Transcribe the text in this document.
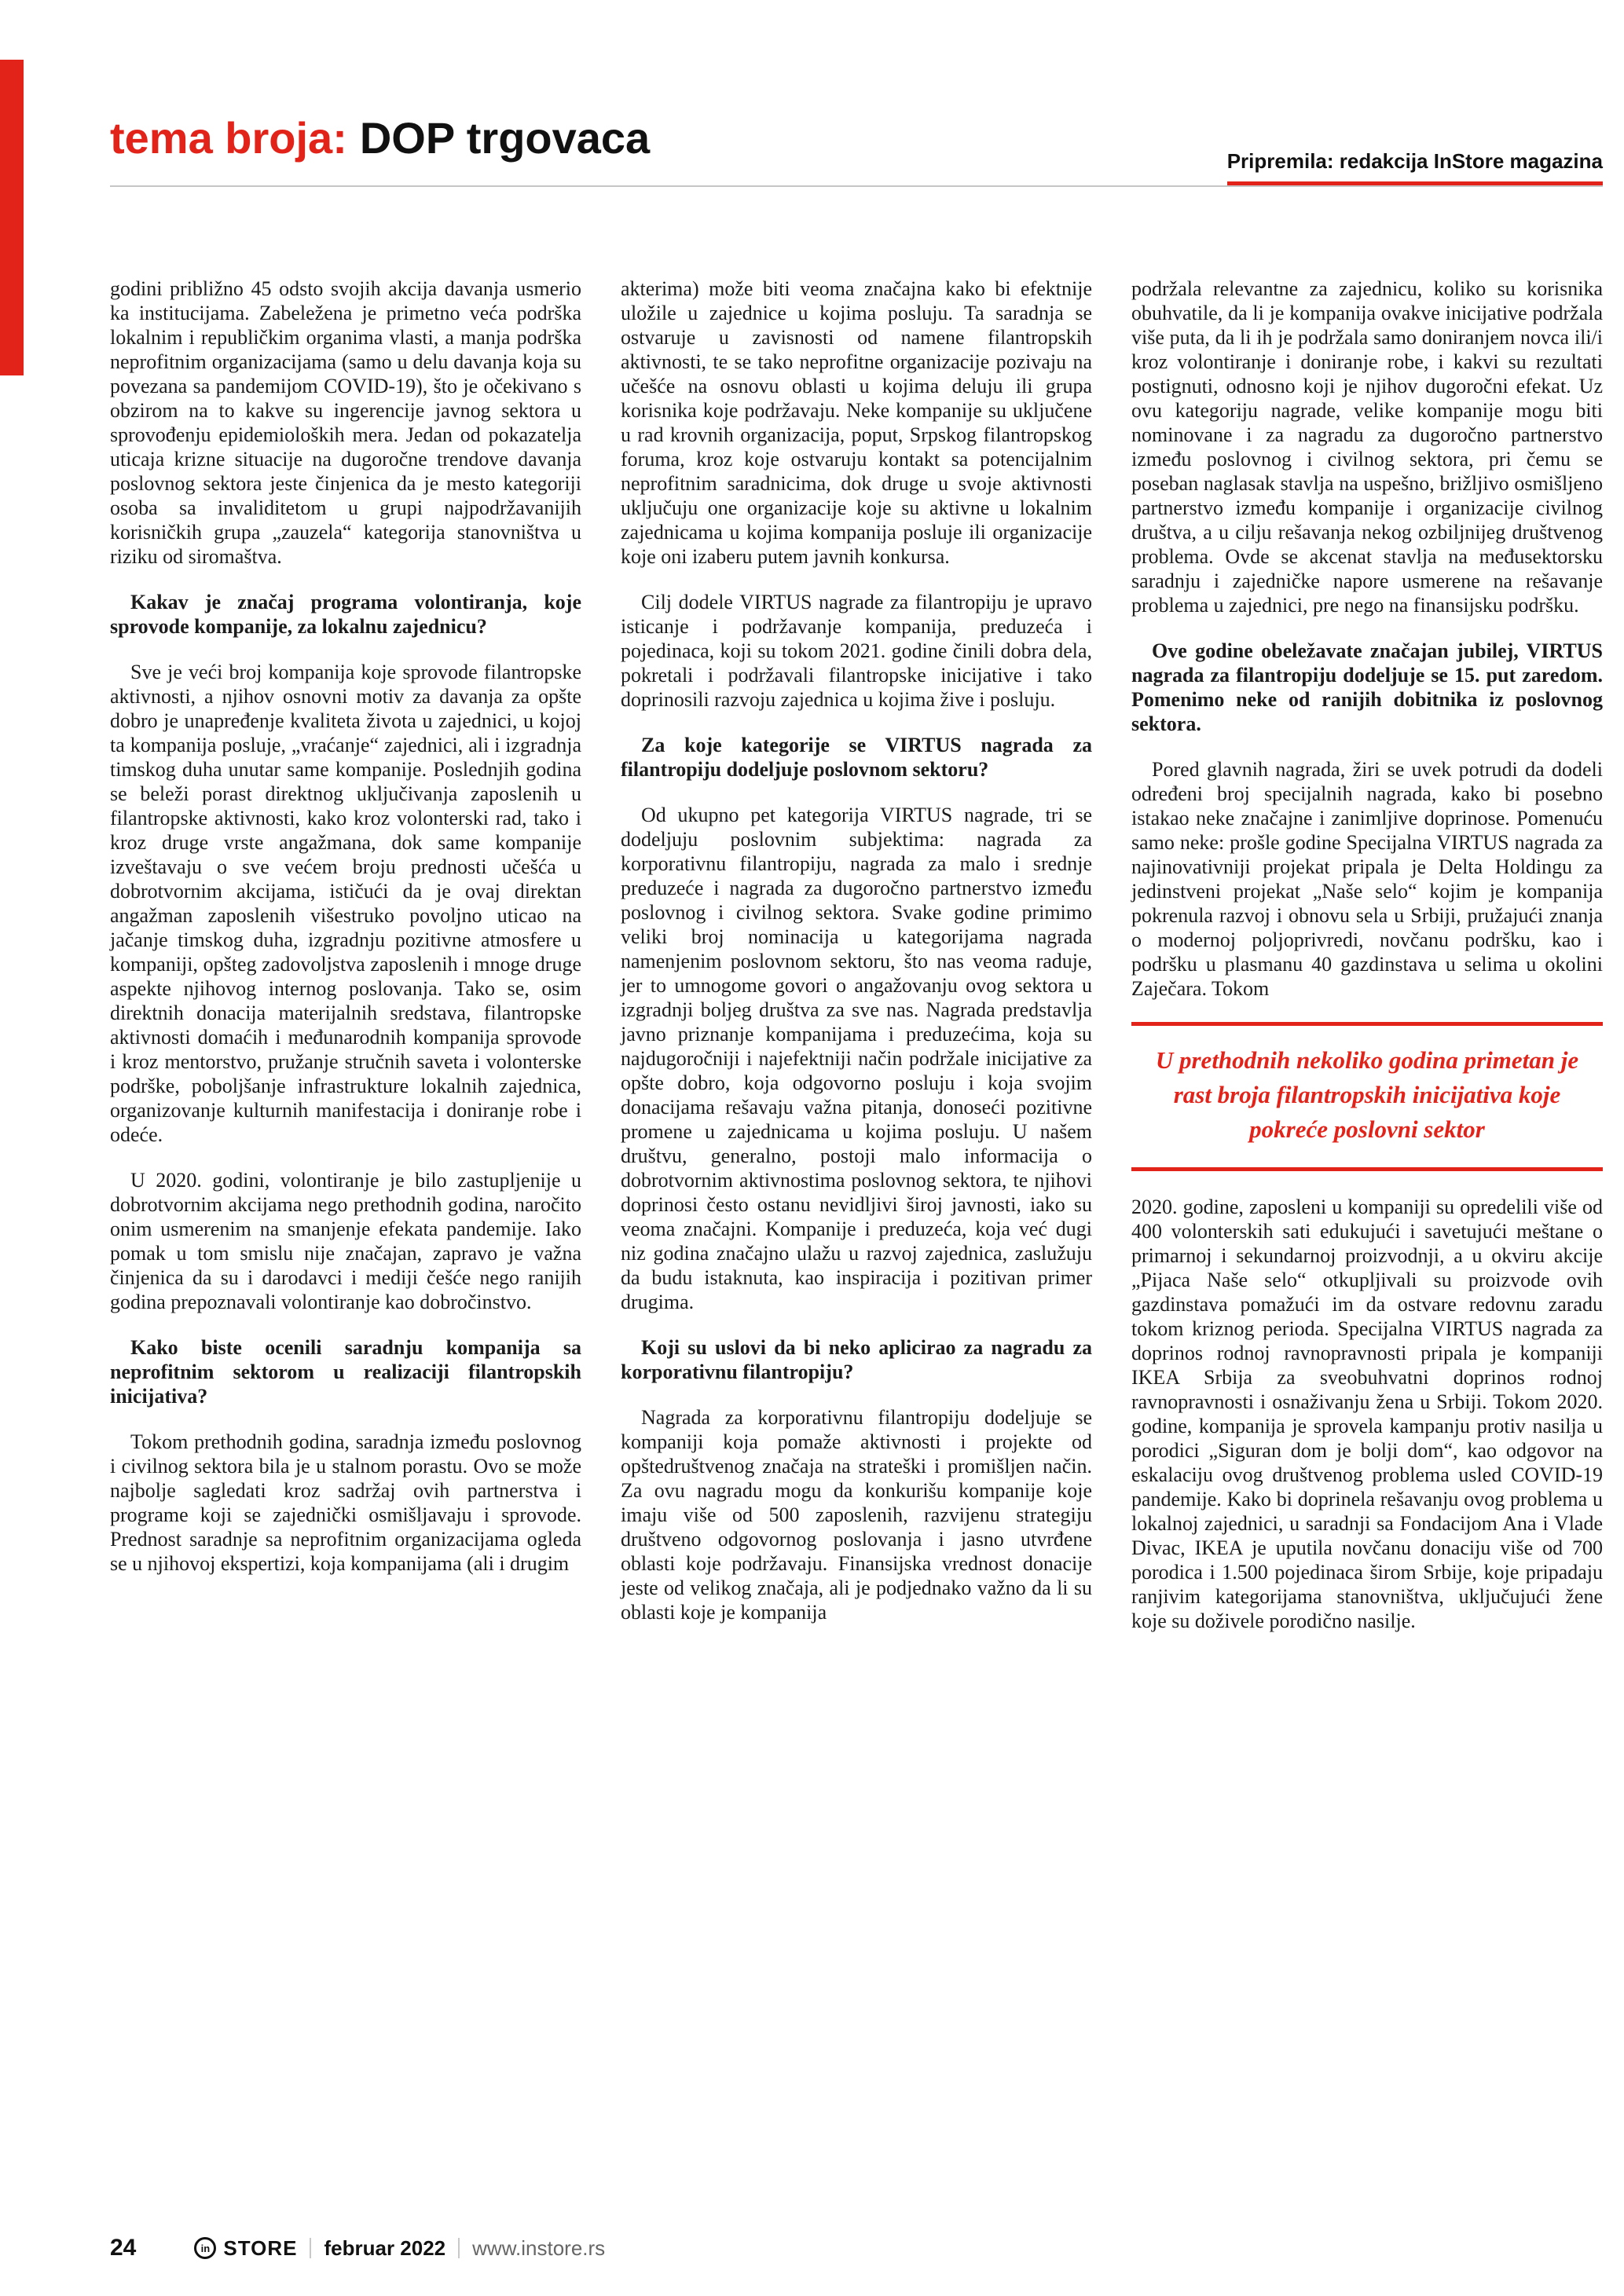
tema broja: DOP trgovaca	Pripremila: redakcija InStore magazina

godini približno 45 odsto svojih akcija davanja usmerio ka institucijama. Zabeležena je primetno veća podrška lokalnim i republičkim organima vlasti, a manja podrška neprofitnim organizacijama (samo u delu davanja koja su povezana sa pandemijom COVID-19), što je očekivano s obzirom na to kakve su ingerencije javnog sektora u sprovođenju epidemioloških mera. Jedan od pokazatelja uticaja krizne situacije na dugoročne trendove davanja poslovnog sektora jeste činjenica da je mesto kategoriji osoba sa invaliditetom u grupi najpodržavanijih korisničkih grupa „zauzela“ kategorija stanovništva u riziku od siromaštva.

Kakav je značaj programa volontiranja, koje sprovode kompanije, za lokalnu zajednicu?

Sve je veći broj kompanija koje sprovode filantropske aktivnosti, a njihov osnovni motiv za davanja za opšte dobro je unapređenje kvaliteta života u zajednici, u kojoj ta kompanija posluje, „vraćanje“ zajednici, ali i izgradnja timskog duha unutar same kompanije. Poslednjih godina se beleži porast direktnog uključivanja zaposlenih u filantropske aktivnosti, kako kroz volonterski rad, tako i kroz druge vrste angažmana, dok same kompanije izveštavaju o sve većem broju prednosti učešća u dobrotvornim akcijama, ističući da je ovaj direktan angažman zaposlenih višestruko povoljno uticao na jačanje timskog duha, izgradnju pozitivne atmosfere u kompaniji, opšteg zadovoljstva zaposlenih i mnoge druge aspekte njihovog internog poslovanja. Tako se, osim direktnih donacija materijalnih sredstava, filantropske aktivnosti domaćih i međunarodnih kompanija sprovode i kroz mentorstvo, pružanje stručnih saveta i volonterske podrške, poboljšanje infrastrukture lokalnih zajednica, organizovanje kulturnih manifestacija i doniranje robe i odeće.

U 2020. godini, volontiranje je bilo zastupljenije u dobrotvornim akcijama nego prethodnih godina, naročito onim usmerenim na smanjenje efekata pandemije. Iako pomak u tom smislu nije značajan, zapravo je važna činjenica da su i darodavci i mediji češće nego ranijih godina prepoznavali volontiranje kao dobročinstvo.

Kako biste ocenili saradnju kompanija sa neprofitnim sektorom u realizaciji filantropskih inicijativa?

Tokom prethodnih godina, saradnja između poslovnog i civilnog sektora bila je u stalnom porastu. Ovo se može najbolje sagledati kroz sadržaj ovih partnerstva i programe koji se zajednički osmišljavaju i sprovode. Prednost saradnje sa neprofitnim organizacijama ogleda se u njihovoj ekspertizi, koja kompanijama (ali i drugim

akterima) može biti veoma značajna kako bi efektnije uložile u zajednice u kojima posluju. Ta saradnja se ostvaruje u zavisnosti od namene filantropskih aktivnosti, te se tako neprofitne organizacije pozivaju na učešće na osnovu oblasti u kojima deluju ili grupa korisnika koje podržavaju. Neke kompanije su uključene u rad krovnih organizacija, poput, Srpskog filantropskog foruma, kroz koje ostvaruju kontakt sa potencijalnim neprofitnim saradnicima, dok druge u svoje aktivnosti uključuju one organizacije koje su aktivne u lokalnim zajednicama u kojima kompanija posluje ili organizacije koje oni izaberu putem javnih konkursa.

Cilj dodele VIRTUS nagrade za filantropiju je upravo isticanje i podržavanje kompanija, preduzeća i pojedinaca, koji su tokom 2021. godine činili dobra dela, pokretali i podržavali filantropske inicijative i tako doprinosili razvoju zajednica u kojima žive i posluju.

Za koje kategorije se VIRTUS nagrada za filantropiju dodeljuje poslovnom sektoru?

Od ukupno pet kategorija VIRTUS nagrade, tri se dodeljuju poslovnim subjektima: nagrada za korporativnu filantropiju, nagrada za malo i srednje preduzeće i nagrada za dugoročno partnerstvo između poslovnog i civilnog sektora. Svake godine primimo veliki broj nominacija u kategorijama nagrada namenjenim poslovnom sektoru, što nas veoma raduje, jer to umnogome govori o angažovanju ovog sektora u izgradnji boljeg društva za sve nas. Nagrada predstavlja javno priznanje kompanijama i preduzećima, koja su najdugoročniji i najefektniji način podržale inicijative za opšte dobro, koja odgovorno posluju i koja svojim donacijama rešavaju važna pitanja, donoseći pozitivne promene u zajednicama u kojima posluju. U našem društvu, generalno, postoji malo informacija o dobrotvornim aktivnostima poslovnog sektora, te njihovi doprinosi često ostanu nevidljivi široj javnosti, iako su veoma značajni. Kompanije i preduzeća, koja već dugi niz godina značajno ulažu u razvoj zajednica, zaslužuju da budu istaknuta, kao inspiracija i pozitivan primer drugima.

Koji su uslovi da bi neko aplicirao za nagradu za korporativnu filantropiju?

Nagrada za korporativnu filantropiju dodeljuje se kompaniji koja pomaže aktivnosti i projekte od opštedruštvenog značaja na strateški i promišljen način. Za ovu nagradu mogu da konkurišu kompanije koje imaju više od 500 zaposlenih, razvijenu strategiju društveno odgovornog poslovanja i jasno utvrđene oblasti koje podržavaju. Finansijska vrednost donacije jeste od velikog značaja, ali je podjednako važno da li su oblasti koje je kompanija

podržala relevantne za zajednicu, koliko su korisnika obuhvatile, da li je kompanija ovakve inicijative podržala više puta, da li ih je podržala samo doniranjem novca ili/i kroz volontiranje i doniranje robe, i kakvi su rezultati postignuti, odnosno koji je njihov dugoročni efekat. Uz ovu kategoriju nagrade, velike kompanije mogu biti nominovane i za nagradu za dugoročno partnerstvo između poslovnog i civilnog sektora, pri čemu se poseban naglasak stavlja na uspešno, brižljivo osmišljeno partnerstvo između kompanije i organizacije civilnog društva, a u cilju rešavanja nekog ozbiljnijeg društvenog problema. Ovde se akcenat stavlja na međusektorsku saradnju i zajedničke napore usmerene na rešavanje problema u zajednici, pre nego na finansijsku podršku.

Ove godine obeležavate značajan jubilej, VIRTUS nagrada za filantropiju dodeljuje se 15. put zaredom. Pomenimo neke od ranijih dobitnika iz poslovnog sektora.

Pored glavnih nagrada, žiri se uvek potrudi da dodeli određeni broj specijalnih nagrada, kako bi posebno istakao neke značajne i zanimljive doprinose. Pomenuću samo neke: prošle godine Specijalna VIRTUS nagrada za najinovativniji projekat pripala je Delta Holdingu za jedinstveni projekat „Naše selo“ kojim je kompanija pokrenula razvoj i obnovu sela u Srbiji, pružajući znanja o modernoj poljoprivredi, novčanu podršku, kao i podršku u plasmanu 40 gazdinstava u selima u okolini Zaječara. Tokom

U prethodnih nekoliko godina primetan je rast broja filantropskih inicijativa koje pokreće poslovni sektor

2020. godine, zaposleni u kompaniji su opredelili više od 400 volonterskih sati edukujući i savetujući meštane o primarnoj i sekundarnoj proizvodnji, a u okviru akcije „Pijaca Naše selo“ otkupljivali su proizvode ovih gazdinstava pomažući im da ostvare redovnu zaradu tokom kriznog perioda. Specijalna VIRTUS nagrada za doprinos rodnoj ravnopravnosti pripala je kompaniji IKEA Srbija za sveobuhvatni doprinos rodnoj ravnopravnosti i osnaživanju žena u Srbiji. Tokom 2020. godine, kompanija je sprovela kampanju protiv nasilja u porodici „Siguran dom je bolji dom“, kao odgovor na eskalaciju ovog društvenog problema usled COVID-19 pandemije. Kako bi doprinela rešavanju ovog problema u lokalnoj zajednici, u saradnji sa Fondacijom Ana i Vlade Divac, IKEA je uputila novčanu donaciju više od 700 porodica i 1.500 pojedinaca širom Srbije, koje pripadaju ranjivim kategorijama stanovništva, uključujući žene koje su doživele porodično nasilje.

24	in STORE februar 2022 www.instore.rs
